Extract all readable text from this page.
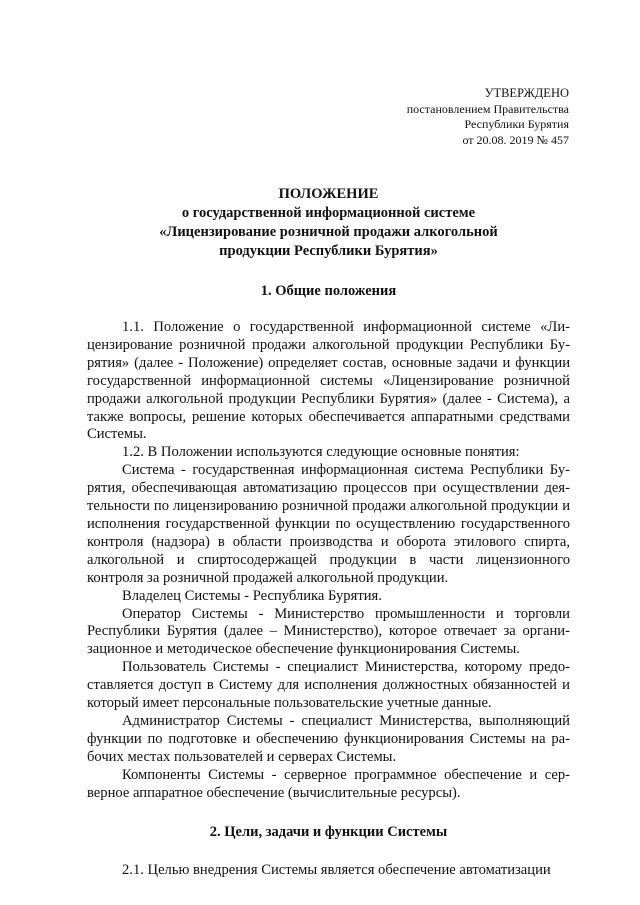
УТВЕРЖДЕНО
постановлением Правительства
Республики Бурятия
от 20.08. 2019 № 457
ПОЛОЖЕНИЕ
о государственной информационной системе
«Лицензирование розничной продажи алкогольной
продукции Республики Бурятия»
1. Общие положения

1.1. Положение о государственной информационной системе «Лицензирование розничной продажи алкогольной продукции Республики Бурятия» (далее - Положение) определяет состав, основные задачи и функции государственной информационной системы «Лицензирование розничной продажи алкогольной продукции Республики Бурятия» (далее - Система), а также вопросы, решение которых обеспечивается аппаратными средствами Системы.

1.2. В Положении используются следующие основные понятия:

Система - государственная информационная система Республики Бурятия, обеспечивающая автоматизацию процессов при осуществлении деятельности по лицензированию розничной продажи алкогольной продукции и исполнения государственной функции по осуществлению государственного контроля (надзора) в области производства и оборота этилового спирта, алкогольной и спиртосодержащей продукции в части лицензионного контроля за розничной продажей алкогольной продукции.

Владелец Системы - Республика Бурятия.

Оператор Системы - Министерство промышленности и торговли Республики Бурятия (далее – Министерство), которое отвечает за организационное и методическое обеспечение функционирования Системы.

Пользователь Системы - специалист Министерства, которому предоставляется доступ в Систему для исполнения должностных обязанностей и который имеет персональные пользовательские учетные данные.

Администратор Системы - специалист Министерства, выполняющий функции по подготовке и обеспечению функционирования Системы на рабочих местах пользователей и серверах Системы.

Компоненты Системы - серверное программное обеспечение и серверное аппаратное обеспечение (вычислительные ресурсы).

2. Цели, задачи и функции Системы

2.1. Целью внедрения Системы является обеспечение автоматизации
